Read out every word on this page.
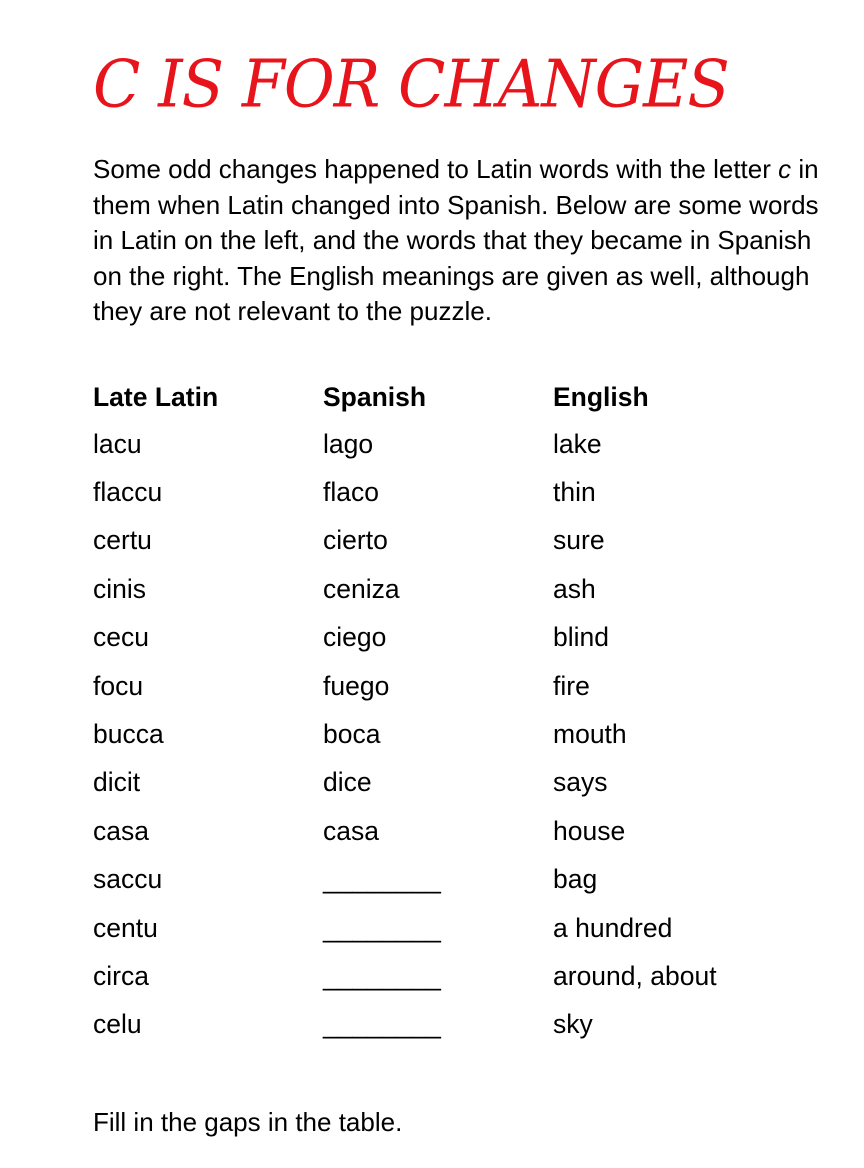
C IS FOR CHANGES
Some odd changes happened to Latin words with the letter c in them when Latin changed into Spanish. Below are some words in Latin on the left, and the words that they became in Spanish on the right. The English meanings are given as well, although they are not relevant to the puzzle.
Late Latin	Spanish	English
lacu	lago	lake
flaccu	flaco	thin
certu	cierto	sure
cinis	ceniza	ash
cecu	ciego	blind
focu	fuego	fire
bucca	boca	mouth
dicit	dice	says
casa	casa	house
saccu	________	bag
centu	________	a hundred
circa	________	around, about
celu	________	sky
Fill in the gaps in the table.
